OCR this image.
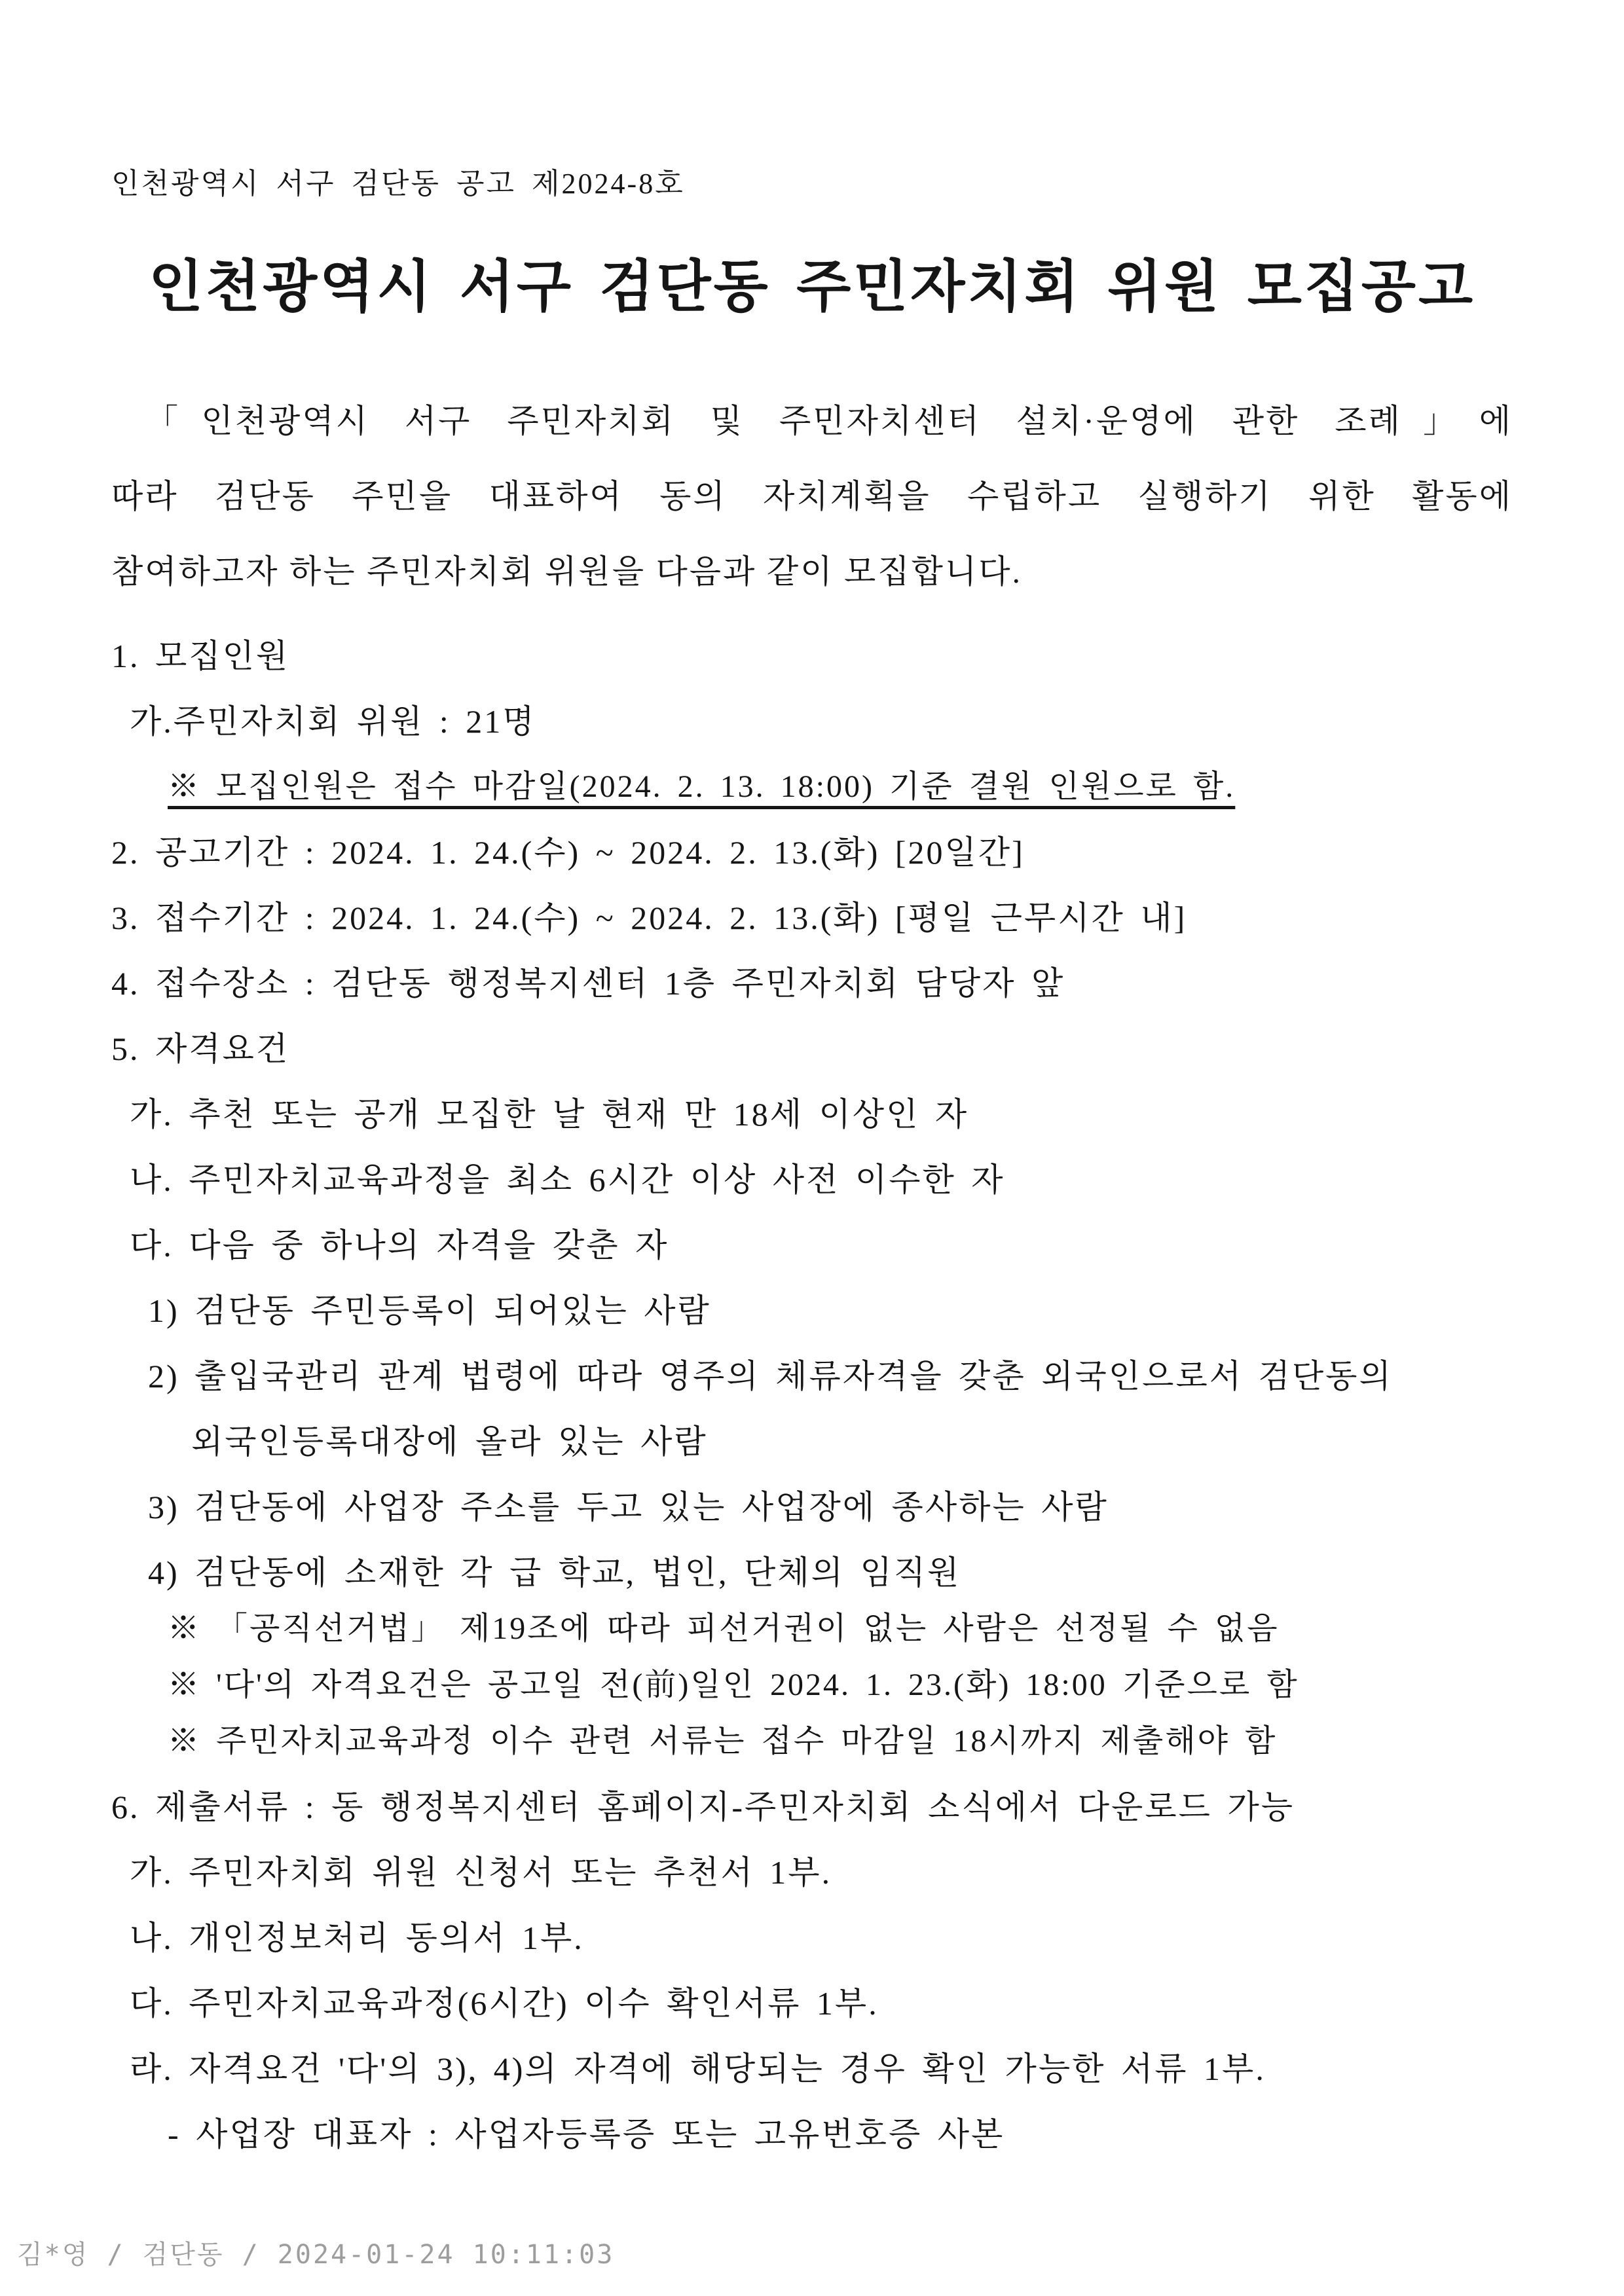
인천광역시 서구 검단동 공고 제2024-8호
인천광역시 서구 검단동 주민자치회 위원 모집공고

「인천광역시 서구 주민자치회 및 주민자치센터 설치·운영에 관한 조례」에

따라 검단동 주민을 대표하여 동의 자치계획을 수립하고 실행하기 위한 활동에

참여하고자 하는 주민자치회 위원을 다음과 같이 모집합니다.

1. 모집인원
가.주민자치회 위원 : 21명
※ 모집인원은 접수 마감일(2024. 2. 13. 18:00) 기준 결원 인원으로 함.
2. 공고기간 : 2024. 1. 24.(수) ~ 2024. 2. 13.(화) [20일간]
3. 접수기간 : 2024. 1. 24.(수) ~ 2024. 2. 13.(화) [평일 근무시간 내]
4. 접수장소 : 검단동 행정복지센터 1층 주민자치회 담당자 앞
5. 자격요건
가. 추천 또는 공개 모집한 날 현재 만 18세 이상인 자
나. 주민자치교육과정을 최소 6시간 이상 사전 이수한 자
다. 다음 중 하나의 자격을 갖춘 자
1) 검단동 주민등록이 되어있는 사람
2) 출입국관리 관계 법령에 따라 영주의 체류자격을 갖춘 외국인으로서 검단동의
외국인등록대장에 올라 있는 사람
3) 검단동에 사업장 주소를 두고 있는 사업장에 종사하는 사람
4) 검단동에 소재한 각 급 학교, 법인, 단체의 임직원
※ 「공직선거법」 제19조에 따라 피선거권이 없는 사람은 선정될 수 없음
※ '다'의 자격요건은 공고일 전(前)일인 2024. 1. 23.(화) 18:00 기준으로 함
※ 주민자치교육과정 이수 관련 서류는 접수 마감일 18시까지 제출해야 함
6. 제출서류 : 동 행정복지센터 홈페이지-주민자치회 소식에서 다운로드 가능
가. 주민자치회 위원 신청서 또는 추천서 1부.
나. 개인정보처리 동의서 1부.
다. 주민자치교육과정(6시간) 이수 확인서류 1부.
라. 자격요건 '다'의 3), 4)의 자격에 해당되는 경우 확인 가능한 서류 1부.
- 사업장 대표자 : 사업자등록증 또는 고유번호증 사본
김*영 / 검단동 / 2024-01-24 10:11:03
